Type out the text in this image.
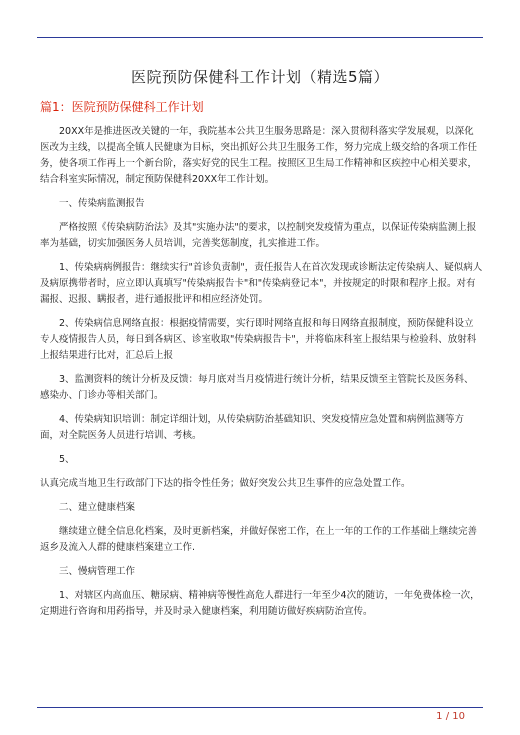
医院预防保健科工作计划（精选5篇）
篇1：医院预防保健科工作计划

20XX年是推进医改关键的一年，我院基本公共卫生服务思路是：深入贯彻科落实学发展观，以深化医改为主线，以提高全镇人民健康为目标，突出抓好公共卫生服务工作，努力完成上级交给的各项工作任务，使各项工作再上一个新台阶，落实好党的民生工程。按照区卫生局工作精神和区疾控中心相关要求，结合科室实际情况，制定预防保健科20XX年工作计划。

一、传染病监测报告

严格按照《传染病防治法》及其"实施办法"的要求，以控制突发疫情为重点，以保证传染病监测上报率为基础，切实加强医务人员培训，完善奖惩制度，扎实推进工作。

1、传染病病例报告：继续实行"首诊负责制"，责任报告人在首次发现或诊断法定传染病人、疑似病人及病原携带者时，应立即认真填写"传染病报告卡"和"传染病登记本"，并按规定的时限和程序上报。对有漏报、迟报、瞒报者，进行通报批评和相应经济处罚。

2、传染病信息网络直报：根据疫情需要，实行即时网络直报和每日网络直报制度，预防保健科设立专人疫情报告人员，每日到各病区、诊室收取"传染病报告卡"，并将临床科室上报结果与检验科、放射科上报结果进行比对，汇总后上报

3、监测资料的统计分析及反馈：每月底对当月疫情进行统计分析，结果反馈至主管院长及医务科、感染办、门诊办等相关部门。

4、传染病知识培训：制定详细计划，从传染病防治基础知识、突发疫情应急处置和病例监测等方面，对全院医务人员进行培训、考核。

5、

认真完成当地卫生行政部门下达的指令性任务；做好突发公共卫生事件的应急处置工作。

二、建立健康档案

继续建立健全信息化档案，及时更新档案，并做好保密工作，在上一年的工作的工作基础上继续完善返乡及流入人群的健康档案建立工作.

三、慢病管理工作

1、对辖区内高血压、糖尿病、精神病等慢性高危人群进行一年至少4次的随访，一年免费体检一次，定期进行咨询和用药指导，并及时录入健康档案，利用随访做好疾病防治宣传。

1 / 10
